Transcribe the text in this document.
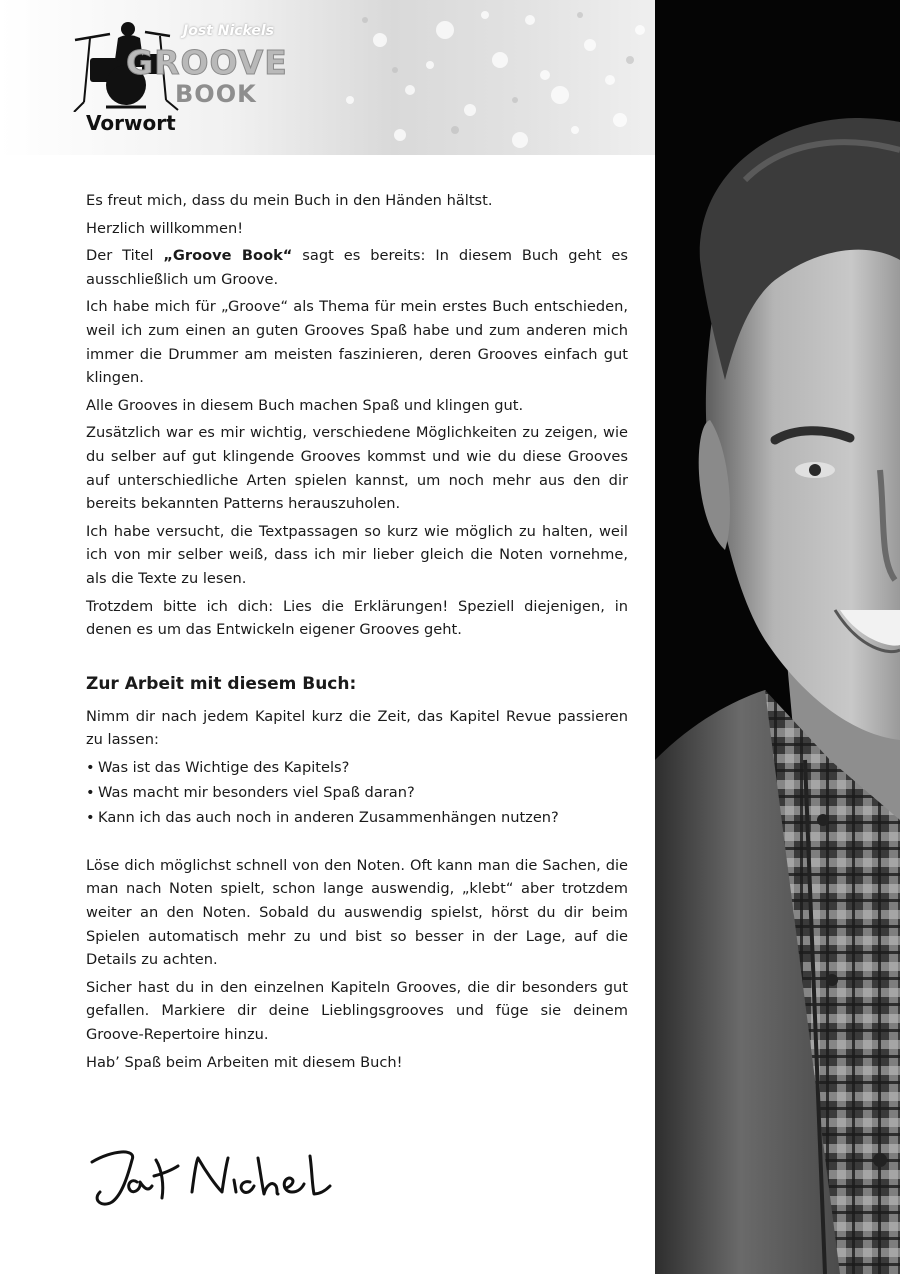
Jost Nickels
GROOVE
BOOK
Vorwort

Es freut mich, dass du mein Buch in den Händen hältst.

Herzlich willkommen!

Der Titel „Groove Book“ sagt es bereits: In diesem Buch geht es ausschließlich um Groove.

Ich habe mich für „Groove“ als Thema für mein erstes Buch entschieden, weil ich zum einen an guten Grooves Spaß habe und zum anderen mich immer die Drummer am meisten faszinieren, deren Grooves einfach gut klingen.

Alle Grooves in diesem Buch machen Spaß und klingen gut.

Zusätzlich war es mir wichtig, verschiedene Möglichkeiten zu zeigen, wie du selber auf gut klingende Grooves kommst und wie du diese Grooves auf unterschiedliche Arten spielen kannst, um noch mehr aus den dir bereits bekannten Patterns herauszuholen.

Ich habe versucht, die Textpassagen so kurz wie möglich zu halten, weil ich von mir selber weiß, dass ich mir lieber gleich die Noten vornehme, als die Texte zu lesen.

Trotzdem bitte ich dich: Lies die Erklärungen! Speziell diejenigen, in denen es um das Entwickeln eigener Grooves geht.

Zur Arbeit mit diesem Buch:

Nimm dir nach jedem Kapitel kurz die Zeit, das Kapitel Revue passieren zu lassen:

• Was ist das Wichtige des Kapitels?
• Was macht mir besonders viel Spaß daran?
• Kann ich das auch noch in anderen Zusammenhängen nutzen?

Löse dich möglichst schnell von den Noten. Oft kann man die Sachen, die man nach Noten spielt, schon lange auswendig, „klebt“ aber trotzdem weiter an den Noten. Sobald du auswendig spielst, hörst du dir beim Spielen automatisch mehr zu und bist so besser in der Lage, auf die Details zu achten.

Sicher hast du in den einzelnen Kapiteln Grooves, die dir besonders gut gefallen. Markiere dir deine Lieblingsgrooves und füge sie deinem Groove-Repertoire hinzu.

Hab’ Spaß beim Arbeiten mit diesem Buch!
